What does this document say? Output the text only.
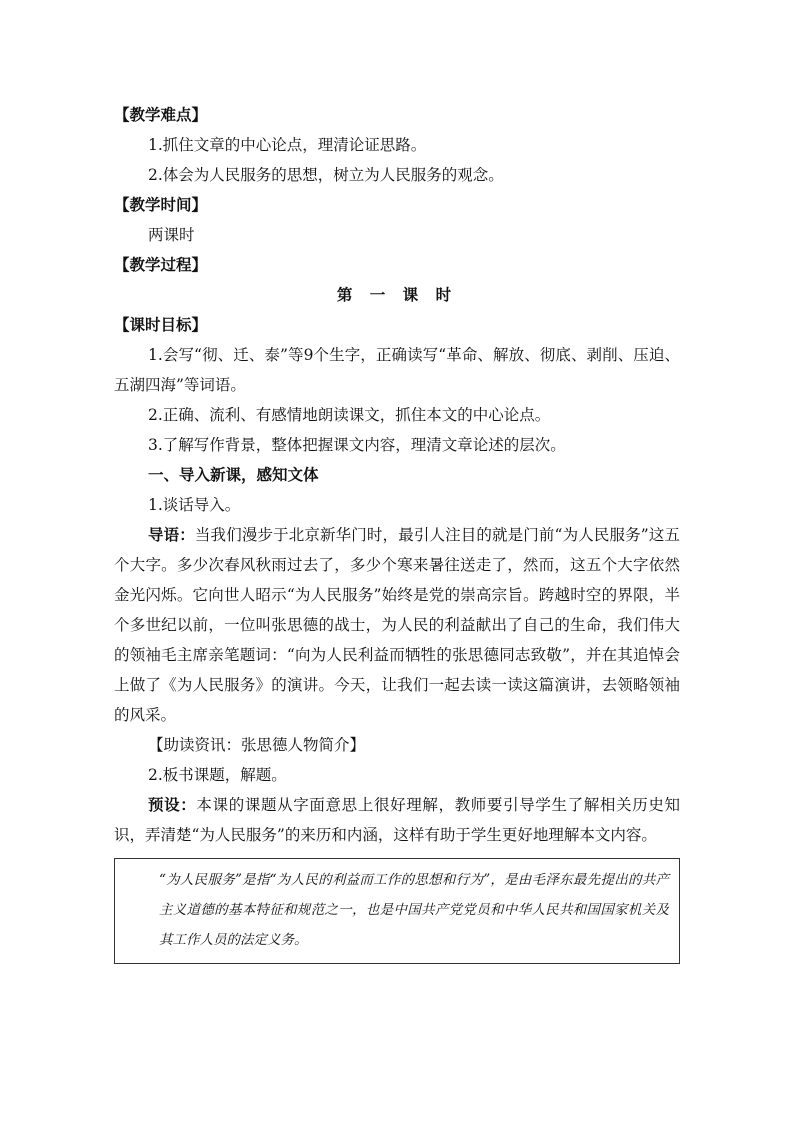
【教学难点】
1.抓住文章的中心论点，理清论证思路。
2.体会为人民服务的思想，树立为人民服务的观念。
【教学时间】
两课时
【教学过程】
第 一 课 时
【课时目标】
1.会写“彻、迁、泰”等9个生字，正确读写“革命、解放、彻底、剥削、压迫、五湖四海”等词语。
2.正确、流利、有感情地朗读课文，抓住本文的中心论点。
3.了解写作背景，整体把握课文内容，理清文章论述的层次。
一、导入新课，感知文体
1.谈话导入。
导语：当我们漫步于北京新华门时，最引人注目的就是门前“为人民服务”这五个大字。多少次春风秋雨过去了，多少个寒来暑往送走了，然而，这五个大字依然金光闪烁。它向世人昭示“为人民服务”始终是党的崇高宗旨。跨越时空的界限，半个多世纪以前，一位叫张思德的战士，为人民的利益献出了自己的生命，我们伟大的领袖毛主席亲笔题词：“向为人民利益而牺牲的张思德同志致敬”，并在其追悼会上做了《为人民服务》的演讲。今天，让我们一起去读一读这篇演讲，去领略领袖的风采。
【助读资讯：张思德人物简介】
2.板书课题，解题。
预设：本课的课题从字面意思上很好理解，教师要引导学生了解相关历史知识，弄清楚“为人民服务”的来历和内涵，这样有助于学生更好地理解本文内容。
“为人民服务”是指“为人民的利益而工作的思想和行为”，是由毛泽东最先提出的共产主义道德的基本特征和规范之一，也是中国共产党党员和中华人民共和国国家机关及其工作人员的法定义务。
